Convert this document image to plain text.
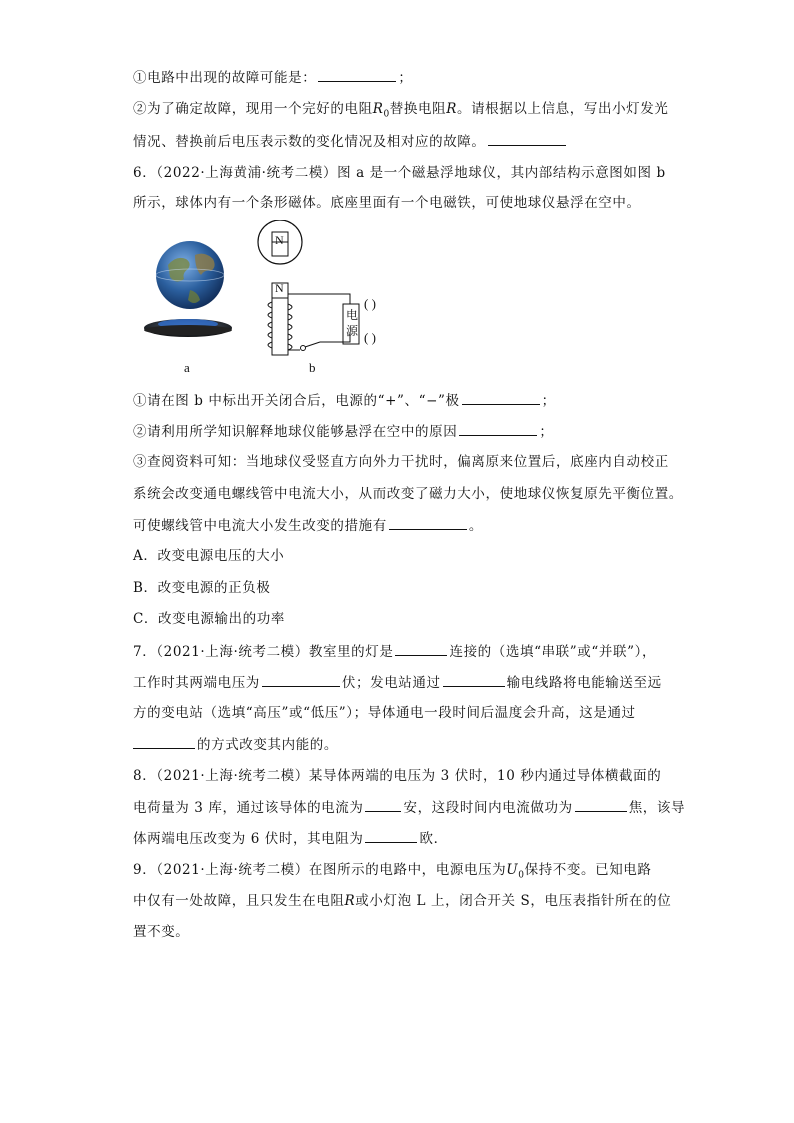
①电路中出现的故障可能是：	；
②为了确定故障，现用一个完好的电阻$R_0$替换电阻R。请根据以上信息，写出小灯发光
情况、替换前后电压表示数的变化情况及相对应的故障。
6．（2022·上海黄浦·统考二模）图 a 是一个磁悬浮地球仪，其内部结构示意图如图 b
所示，球体内有一个条形磁体。底座里面有一个电磁铁，可使地球仪悬浮在空中。
N
N
电
源
( )
( )
a	b
①请在图 b 中标出开关闭合后，电源的“+”、“−”极	；
②请利用所学知识解释地球仪能够悬浮在空中的原因	；
③查阅资料可知：当地球仪受竖直方向外力干扰时，偏离原来位置后，底座内自动校正
系统会改变通电螺线管中电流大小，从而改变了磁力大小，使地球仪恢复原先平衡位置。
可使螺线管中电流大小发生改变的措施有	。
A．改变电源电压的大小
B．改变电源的正负极
C．改变电源输出的功率
7．（2021·上海·统考二模）教室里的灯是	连接的（选填“串联”或“并联”），
工作时其两端电压为	伏；发电站通过	输电线路将电能输送至远
方的变电站（选填“高压”或“低压”）；导体通电一段时间后温度会升高，这是通过
的方式改变其内能的。
8．（2021·上海·统考二模）某导体两端的电压为 3 伏时，10 秒内通过导体横截面的
电荷量为 3 库，通过该导体的电流为	安，这段时间内电流做功为	焦，该导
体两端电压改变为 6 伏时，其电阻为	欧．
9．（2021·上海·统考二模）在图所示的电路中，电源电压为$U_0$保持不变。已知电路
中仅有一处故障，且只发生在电阻R或小灯泡 L 上，闭合开关 S，电压表指针所在的位
置不变。
